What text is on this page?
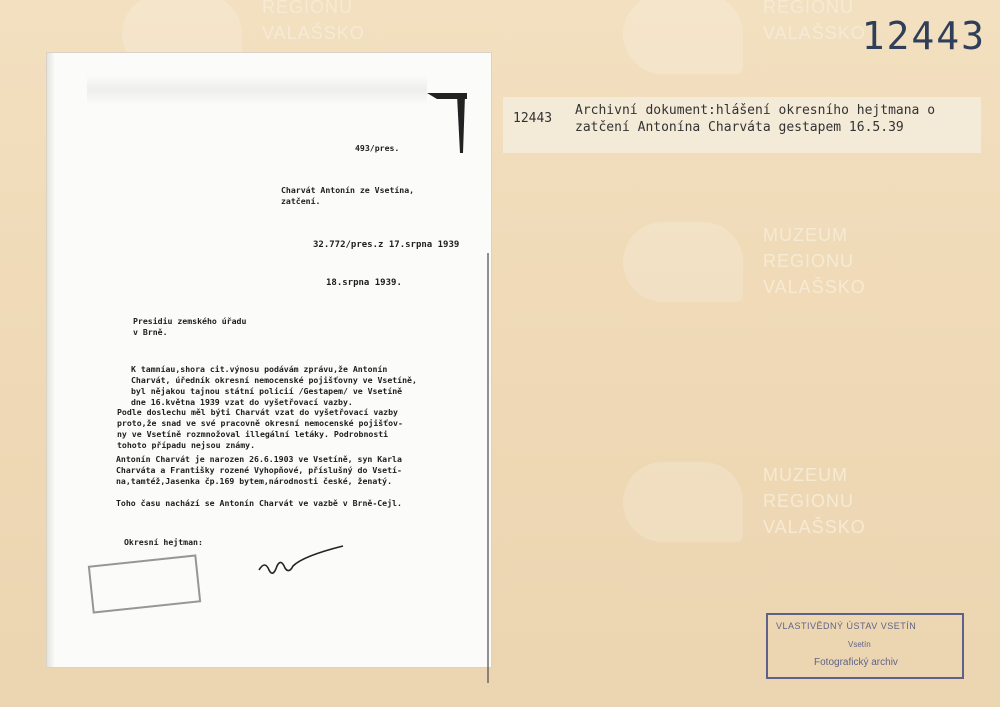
REGIONU
VALAŠSKO
REGIONU
VALAŠSKO
MUZEUM
REGIONU
VALAŠSKO
MUZEUM
REGIONU
VALAŠSKO
12443
12443
Archivní dokument:hlášení okresního hejtmana o zatčení Antonína Charváta gestapem 16.5.39
493/pres.
Charvát Antonín ze Vsetína,
zatčení.
32.772/pres.z 17.srpna 1939
18.srpna 1939.
Presidiu zemského úřadu
v Brně.
K tamníau,shora cit.výnosu podávám zprávu,že Antonín
Charvát, úředník okresní nemocenské pojišťovny ve Vsetíně,
byl nějakou tajnou státní policií /Gestapem/ ve Vsetíně
dne 16.května 1939 vzat do vyšetřovací vazby.
Podle doslechu měl býti Charvát vzat do vyšetřovací vazby
proto,že snad ve své pracovně okresní nemocenské pojišťov-
ny ve Vsetíně rozmnožoval illegální letáky. Podrobnosti
tohoto případu nejsou známy.
Antonín Charvát je narozen 26.6.1903 ve Vsetíně, syn Karla
Charváta a Františky rozené Vyhopňové, příslušný do Vsetí-
na,tamtéž,Jasenka čp.169 bytem,národnosti české, ženatý.
Toho času nachází se Antonín Charvát ve vazbě v Brně-Cejl.
Okresní hejtman:
VLASTIVĚDNÝ ÚSTAV VSETÍN
Vsetín
Fotografický archiv
